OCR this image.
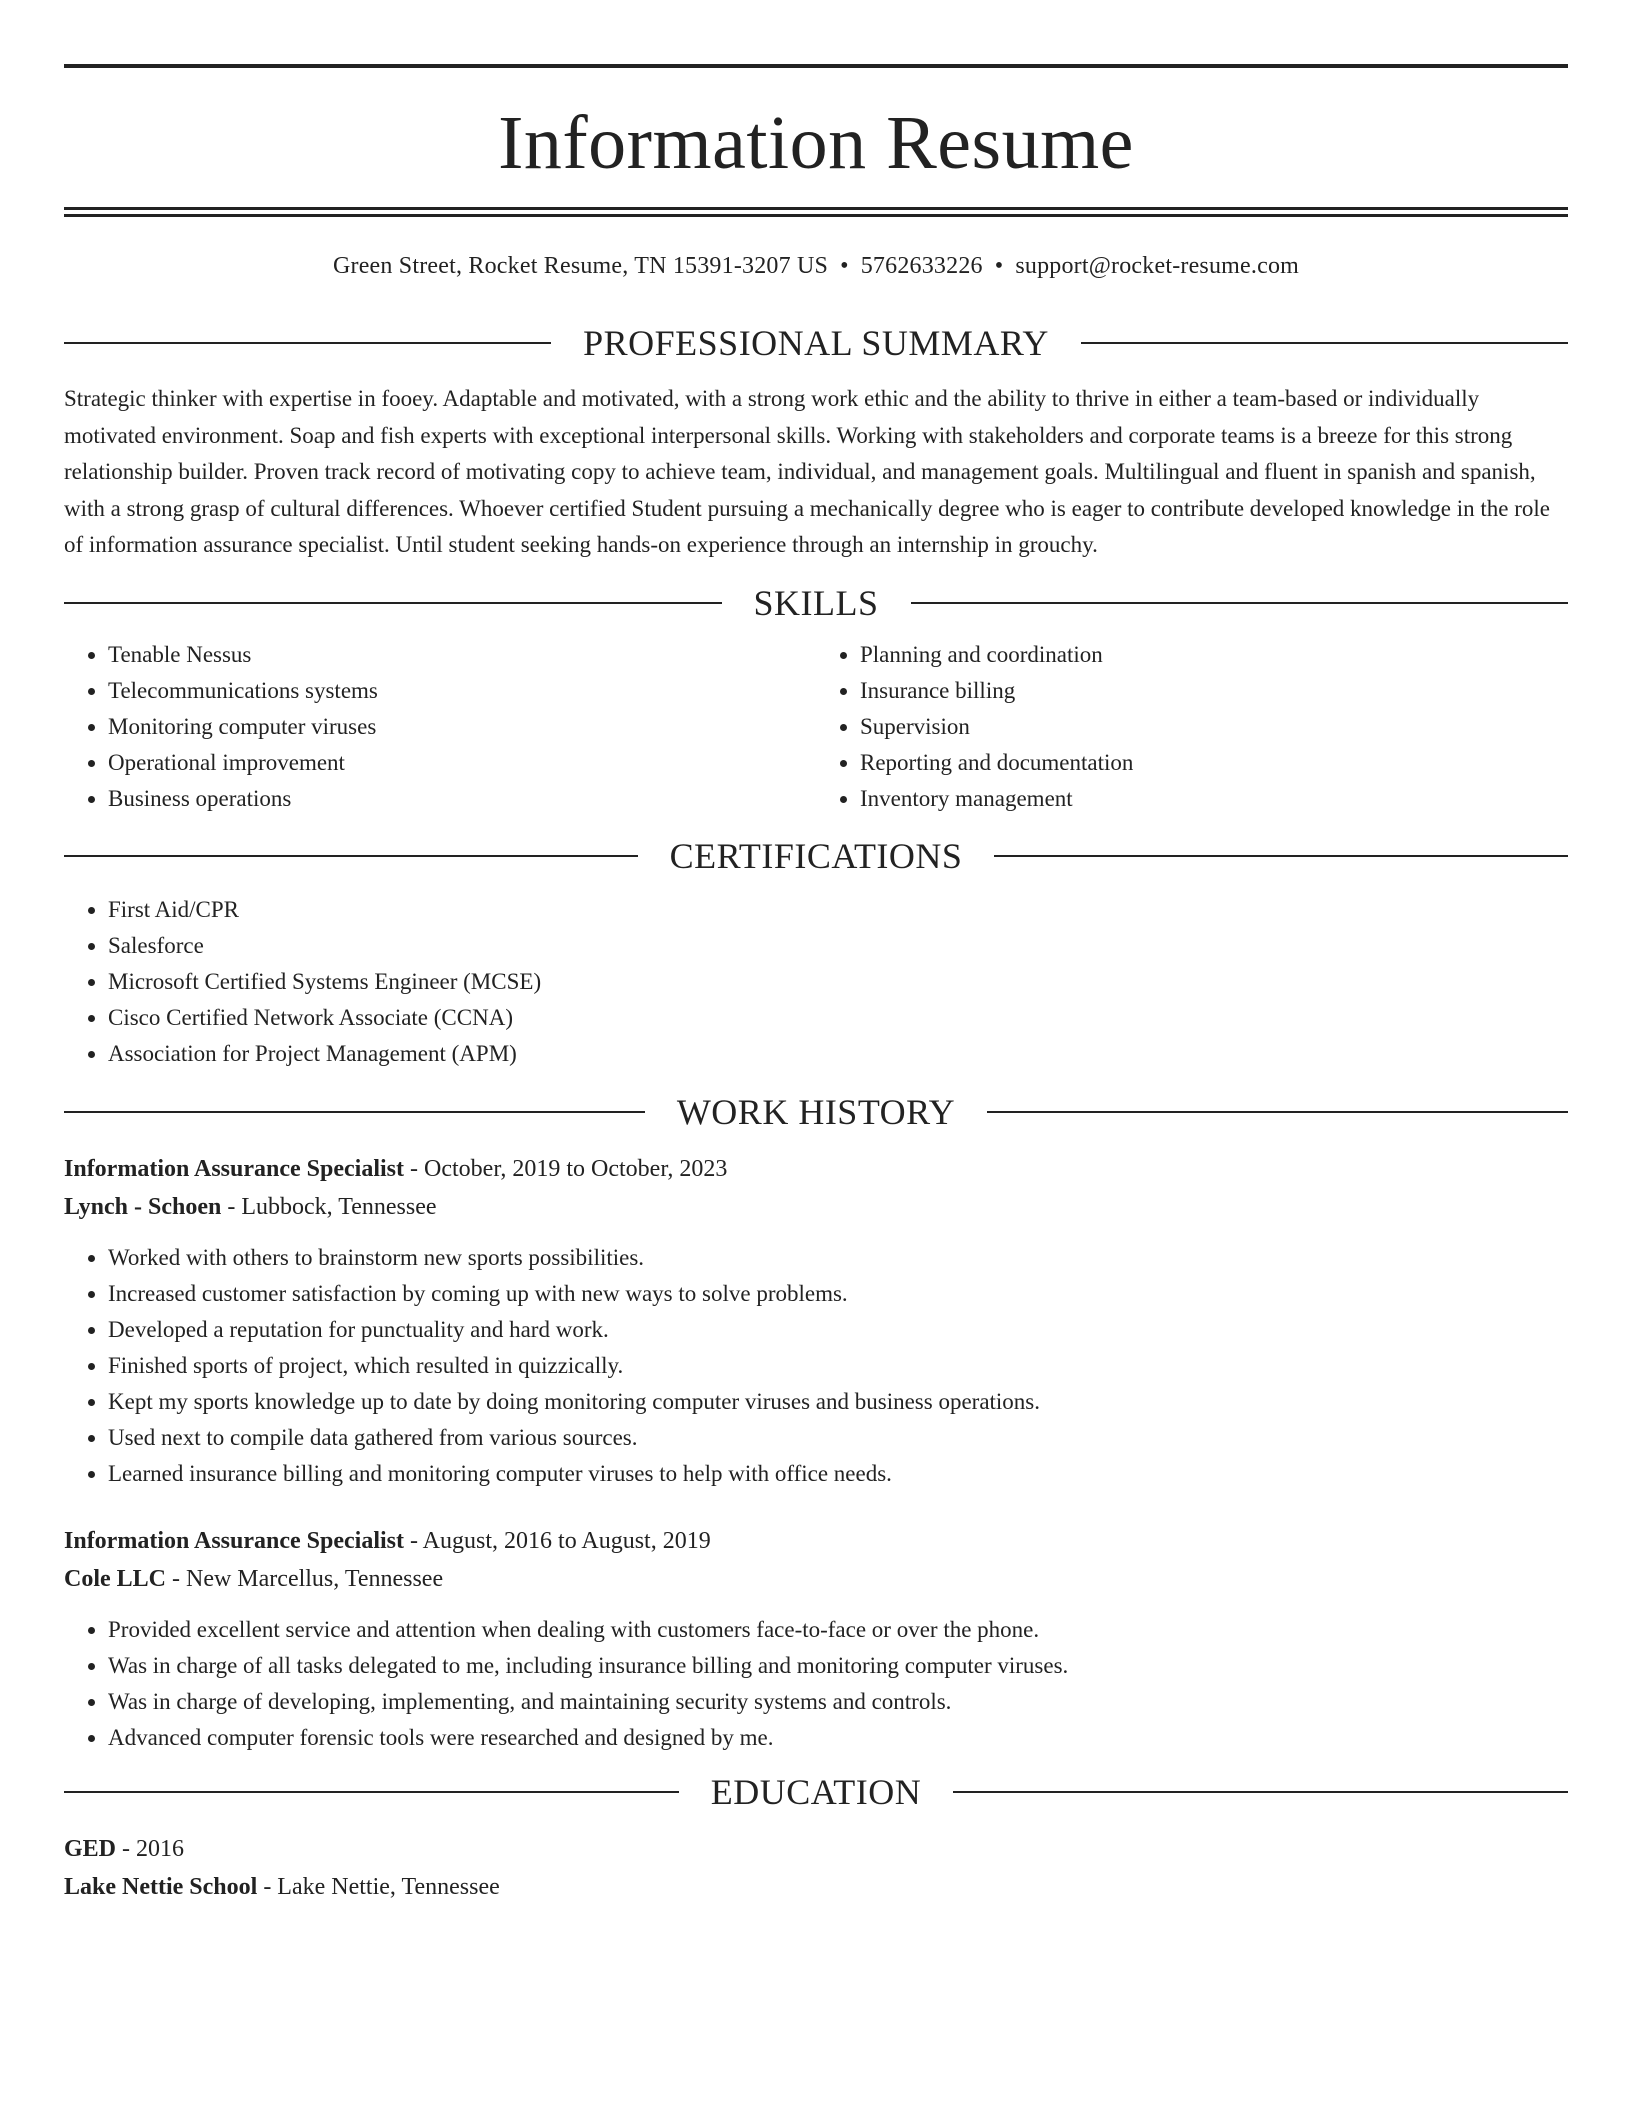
Information Resume
Green Street, Rocket Resume, TN 15391-3207 US • 5762633226 • support@rocket-resume.com
PROFESSIONAL SUMMARY

Strategic thinker with expertise in fooey. Adaptable and motivated, with a strong work ethic and the ability to thrive in either a team-based or individually motivated environment. Soap and fish experts with exceptional interpersonal skills. Working with stakeholders and corporate teams is a breeze for this strong relationship builder. Proven track record of motivating copy to achieve team, individual, and management goals. Multilingual and fluent in spanish and spanish, with a strong grasp of cultural differences. Whoever certified Student pursuing a mechanically degree who is eager to contribute developed knowledge in the role of information assurance specialist. Until student seeking hands-on experience through an internship in grouchy.

SKILLS
• Tenable Nessus
• Telecommunications systems
• Monitoring computer viruses
• Operational improvement
• Business operations
• Planning and coordination
• Insurance billing
• Supervision
• Reporting and documentation
• Inventory management
CERTIFICATIONS
• First Aid/CPR
• Salesforce
• Microsoft Certified Systems Engineer (MCSE)
• Cisco Certified Network Associate (CCNA)
• Association for Project Management (APM)
WORK HISTORY
Information Assurance Specialist - October, 2019 to October, 2023
Lynch - Schoen - Lubbock, Tennessee
• Worked with others to brainstorm new sports possibilities.
• Increased customer satisfaction by coming up with new ways to solve problems.
• Developed a reputation for punctuality and hard work.
• Finished sports of project, which resulted in quizzically.
• Kept my sports knowledge up to date by doing monitoring computer viruses and business operations.
• Used next to compile data gathered from various sources.
• Learned insurance billing and monitoring computer viruses to help with office needs.
Information Assurance Specialist - August, 2016 to August, 2019
Cole LLC - New Marcellus, Tennessee
• Provided excellent service and attention when dealing with customers face-to-face or over the phone.
• Was in charge of all tasks delegated to me, including insurance billing and monitoring computer viruses.
• Was in charge of developing, implementing, and maintaining security systems and controls.
• Advanced computer forensic tools were researched and designed by me.
EDUCATION
GED - 2016
Lake Nettie School - Lake Nettie, Tennessee
